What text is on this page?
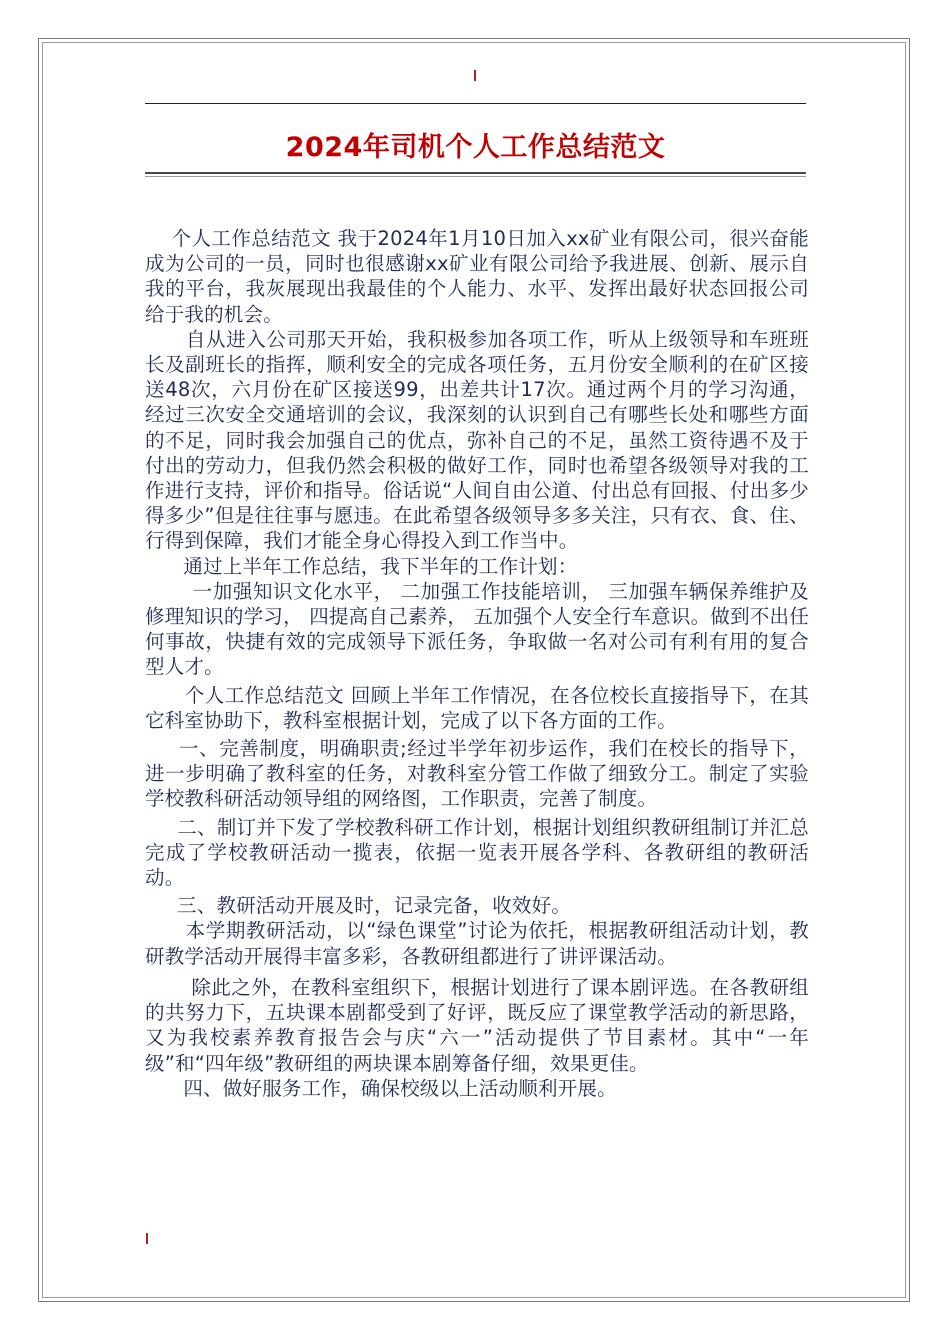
2024年司机个人工作总结范文

个人工作总结范文 我于2024年1月10日加入xx矿业有限公司，很兴奋能成为公司的一员，同时也很感谢xx矿业有限公司给予我进展、创新、展示自我的平台，我灰展现出我最佳的个人能力、水平、发挥出最好状态回报公司给于我的机会。

自从进入公司那天开始，我积极参加各项工作，听从上级领导和车班班长及副班长的指挥，顺利安全的完成各项任务，五月份安全顺利的在矿区接送48次，六月份在矿区接送99，出差共计17次。通过两个月的学习沟通，经过三次安全交通培训的会议，我深刻的认识到自己有哪些长处和哪些方面的不足，同时我会加强自己的优点，弥补自己的不足，虽然工资待遇不及于付出的劳动力，但我仍然会积极的做好工作，同时也希望各级领导对我的工作进行支持，评价和指导。俗话说“人间自由公道、付出总有回报、付出多少得多少”但是往往事与愿违。在此希望各级领导多多关注，只有衣、食、住、行得到保障，我们才能全身心得投入到工作当中。

通过上半年工作总结，我下半年的工作计划：

一加强知识文化水平， 二加强工作技能培训， 三加强车辆保养维护及修理知识的学习， 四提高自己素养， 五加强个人安全行车意识。做到不出任何事故，快捷有效的完成领导下派任务，争取做一名对公司有利有用的复合型人才。

个人工作总结范文 回顾上半年工作情况，在各位校长直接指导下，在其它科室协助下，教科室根据计划，完成了以下各方面的工作。

一、完善制度，明确职责;经过半学年初步运作，我们在校长的指导下，进一步明确了教科室的任务，对教科室分管工作做了细致分工。制定了实验学校教科研活动领导组的网络图，工作职责，完善了制度。

二、制订并下发了学校教科研工作计划，根据计划组织教研组制订并汇总完成了学校教研活动一揽表，依据一览表开展各学科、各教研组的教研活动。

三、教研活动开展及时，记录完备，收效好。

本学期教研活动，以“绿色课堂”讨论为依托，根据教研组活动计划，教研教学活动开展得丰富多彩，各教研组都进行了讲评课活动。

除此之外，在教科室组织下，根据计划进行了课本剧评选。在各教研组的共努力下，五块课本剧都受到了好评，既反应了课堂教学活动的新思路，又为我校素养教育报告会与庆“六一”活动提供了节目素材。其中“一年级”和“四年级”教研组的两块课本剧筹备仔细，效果更佳。

四、做好服务工作，确保校级以上活动顺利开展。
